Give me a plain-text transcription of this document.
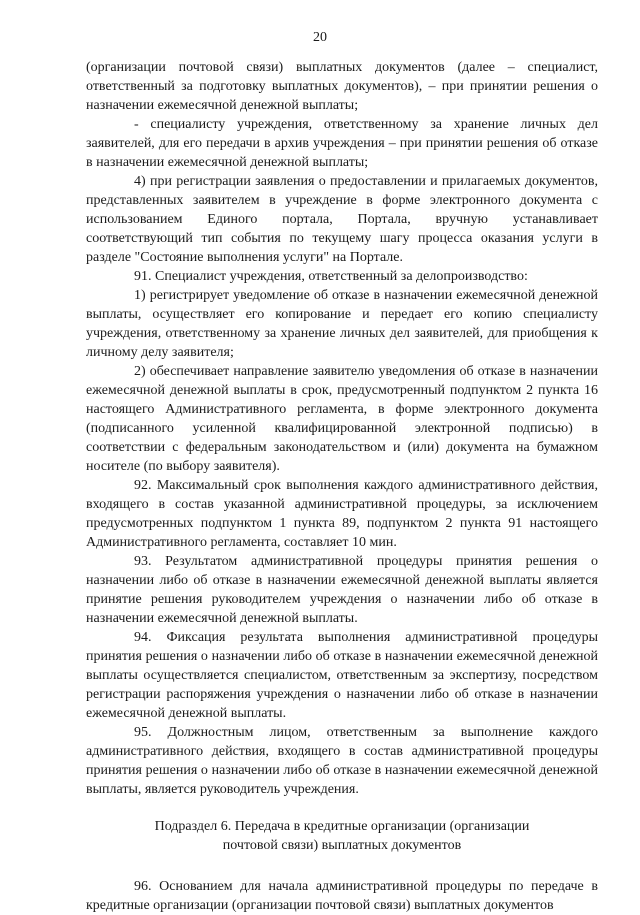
20

(организации почтовой связи) выплатных документов (далее – специалист, ответственный за подготовку выплатных документов), – при принятии решения о назначении ежемесячной денежной выплаты;

- специалисту учреждения, ответственному за хранение личных дел заявителей, для его передачи в архив учреждения – при принятии решения об отказе в назначении ежемесячной денежной выплаты;

4) при регистрации заявления о предоставлении и прилагаемых документов, представленных заявителем в учреждение в форме электронного документа с использованием Единого портала, Портала, вручную устанавливает соответствующий тип события по текущему шагу процесса оказания услуги в разделе "Состояние выполнения услуги" на Портале.

91. Специалист учреждения, ответственный за делопроизводство:

1) регистрирует уведомление об отказе в назначении ежемесячной денежной выплаты, осуществляет его копирование и передает его копию специалисту учреждения, ответственному за хранение личных дел заявителей, для приобщения к личному делу заявителя;

2) обеспечивает направление заявителю уведомления об отказе в назначении ежемесячной денежной выплаты в срок, предусмотренный подпунктом 2 пункта 16 настоящего Административного регламента, в форме электронного документа (подписанного усиленной квалифицированной электронной подписью) в соответствии с федеральным законодательством и (или) документа на бумажном носителе (по выбору заявителя).

92. Максимальный срок выполнения каждого административного действия, входящего в состав указанной административной процедуры, за исключением предусмотренных подпунктом 1 пункта 89, подпунктом 2 пункта 91 настоящего Административного регламента, составляет 10 мин.

93. Результатом административной процедуры принятия решения о назначении либо об отказе в назначении ежемесячной денежной выплаты является принятие решения руководителем учреждения о назначении либо об отказе в назначении ежемесячной денежной выплаты.

94. Фиксация результата выполнения административной процедуры принятия решения о назначении либо об отказе в назначении ежемесячной денежной выплаты осуществляется специалистом, ответственным за экспертизу, посредством регистрации распоряжения учреждения о назначении либо об отказе в назначении ежемесячной денежной выплаты.

95. Должностным лицом, ответственным за выполнение каждого административного действия, входящего в состав административной процедуры принятия решения о назначении либо об отказе в назначении ежемесячной денежной выплаты, является руководитель учреждения.

Подраздел 6. Передача в кредитные организации (организации
почтовой связи) выплатных документов

96. Основанием для начала административной процедуры по передаче в кредитные организации (организации почтовой связи) выплатных документов
